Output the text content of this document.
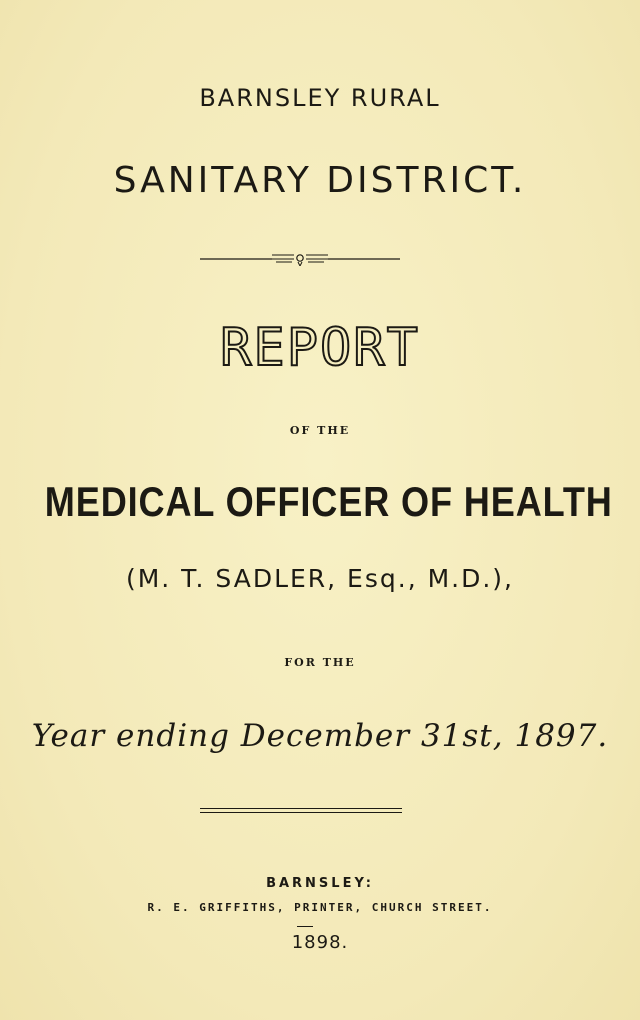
BARNSLEY RURAL
SANITARY DISTRICT.
REPORT
OF THE
MEDICAL OFFICER OF HEALTH
(M. T. SADLER, Esq., M.D.),
FOR THE
Year ending December 31st, 1897.
BARNSLEY:
R. E. GRIFFITHS, PRINTER, CHURCH STREET.
1898.
